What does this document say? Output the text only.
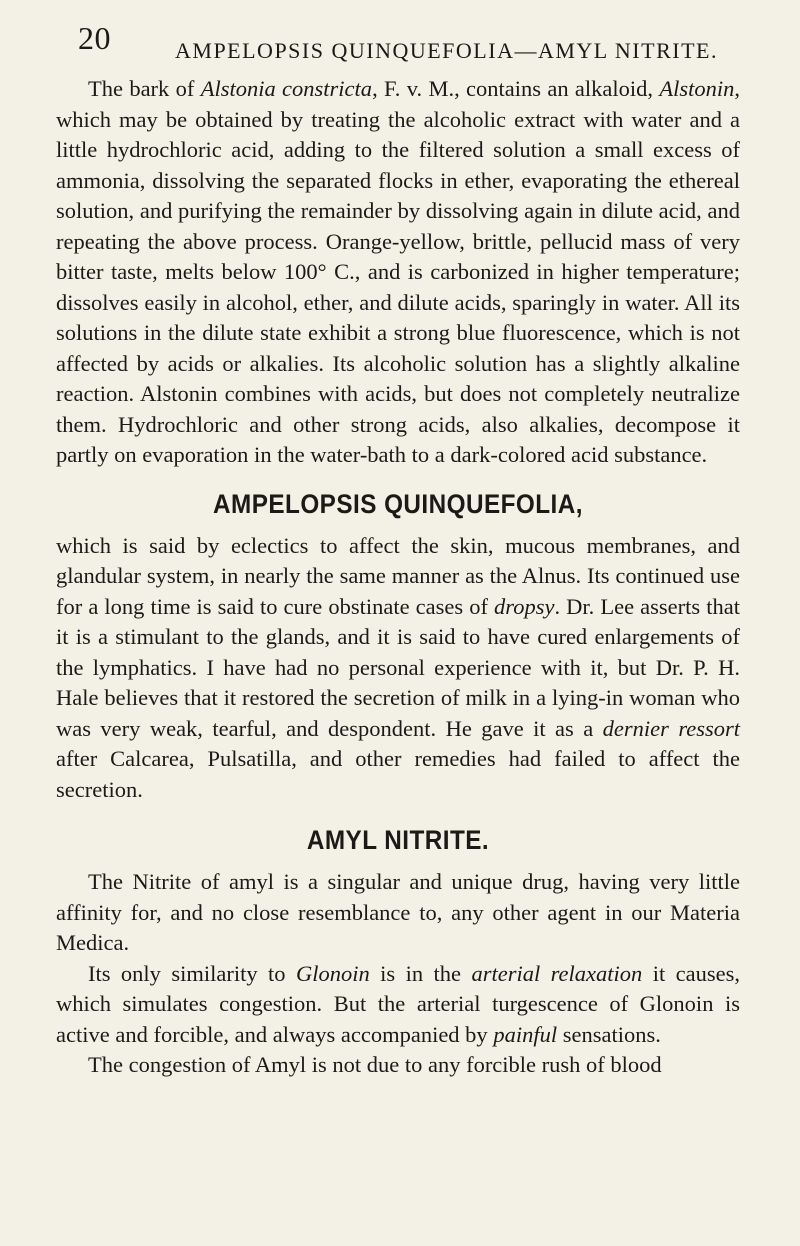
20	AMPELOPSIS QUINQUEFOLIA—AMYL NITRITE.

The bark of Alstonia constricta, F. v. M., contains an alkaloid, Alstonin, which may be obtained by treating the alcoholic extract with water and a little hydrochloric acid, adding to the filtered solution a small excess of ammonia, dissolving the separated flocks in ether, evaporating the ethereal solution, and purifying the remainder by dissolving again in dilute acid, and repeating the above process. Orange-yellow, brittle, pellucid mass of very bitter taste, melts below 100° C., and is carbonized in higher temperature; dissolves easily in alcohol, ether, and dilute acids, sparingly in water. All its solutions in the dilute state exhibit a strong blue fluorescence, which is not affected by acids or alkalies. Its alcoholic solution has a slightly alkaline reaction. Alstonin combines with acids, but does not completely neutralize them. Hydrochloric and other strong acids, also alkalies, decompose it partly on evaporation in the water-bath to a dark-colored acid substance.

AMPELOPSIS QUINQUEFOLIA,

which is said by eclectics to affect the skin, mucous membranes, and glandular system, in nearly the same manner as the Alnus. Its continued use for a long time is said to cure obstinate cases of dropsy. Dr. Lee asserts that it is a stimulant to the glands, and it is said to have cured enlargements of the lymphatics. I have had no personal experience with it, but Dr. P. H. Hale believes that it restored the secretion of milk in a lying-in woman who was very weak, tearful, and despondent. He gave it as a dernier ressort after Calcarea, Pulsatilla, and other remedies had failed to affect the secretion.

AMYL NITRITE.

The Nitrite of amyl is a singular and unique drug, having very little affinity for, and no close resemblance to, any other agent in our Materia Medica.

Its only similarity to Glonoin is in the arterial relaxation it causes, which simulates congestion. But the arterial turgescence of Glonoin is active and forcible, and always accompanied by painful sensations.

The congestion of Amyl is not due to any forcible rush of blood
